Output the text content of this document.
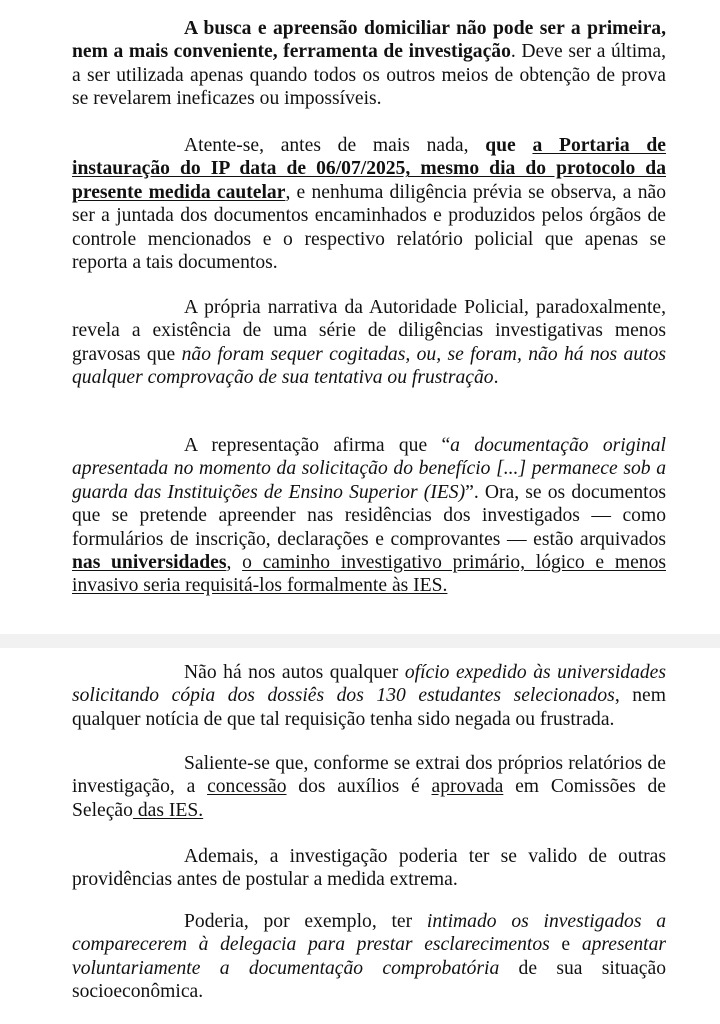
A busca e apreensão domiciliar não pode ser a primeira, nem a mais conveniente, ferramenta de investigação. Deve ser a última, a ser utilizada apenas quando todos os outros meios de obtenção de prova se revelarem ineficazes ou impossíveis.

Atente-se, antes de mais nada, que a Portaria de instauração do IP data de 06/07/2025, mesmo dia do protocolo da presente medida cautelar, e nenhuma diligência prévia se observa, a não ser a juntada dos documentos encaminhados e produzidos pelos órgãos de controle mencionados e o respectivo relatório policial que apenas se reporta a tais documentos.

A própria narrativa da Autoridade Policial, paradoxalmente, revela a existência de uma série de diligências investigativas menos gravosas que não foram sequer cogitadas, ou, se foram, não há nos autos qualquer comprovação de sua tentativa ou frustração.

A representação afirma que “a documentação original apresentada no momento da solicitação do benefício [...] permanece sob a guarda das Instituições de Ensino Superior (IES)”. Ora, se os documentos que se pretende apreender nas residências dos investigados — como formulários de inscrição, declarações e comprovantes — estão arquivados nas universidades, o caminho investigativo primário, lógico e menos invasivo seria requisitá-los formalmente às IES.

Não há nos autos qualquer ofício expedido às universidades solicitando cópia dos dossiês dos 130 estudantes selecionados, nem qualquer notícia de que tal requisição tenha sido negada ou frustrada.

Saliente-se que, conforme se extrai dos próprios relatórios de investigação, a concessão dos auxílios é aprovada em Comissões de Seleção das IES.

Ademais, a investigação poderia ter se valido de outras providências antes de postular a medida extrema.

Poderia, por exemplo, ter intimado os investigados a comparecerem à delegacia para prestar esclarecimentos e apresentar voluntariamente a documentação comprobatória de sua situação socioeconômica.
